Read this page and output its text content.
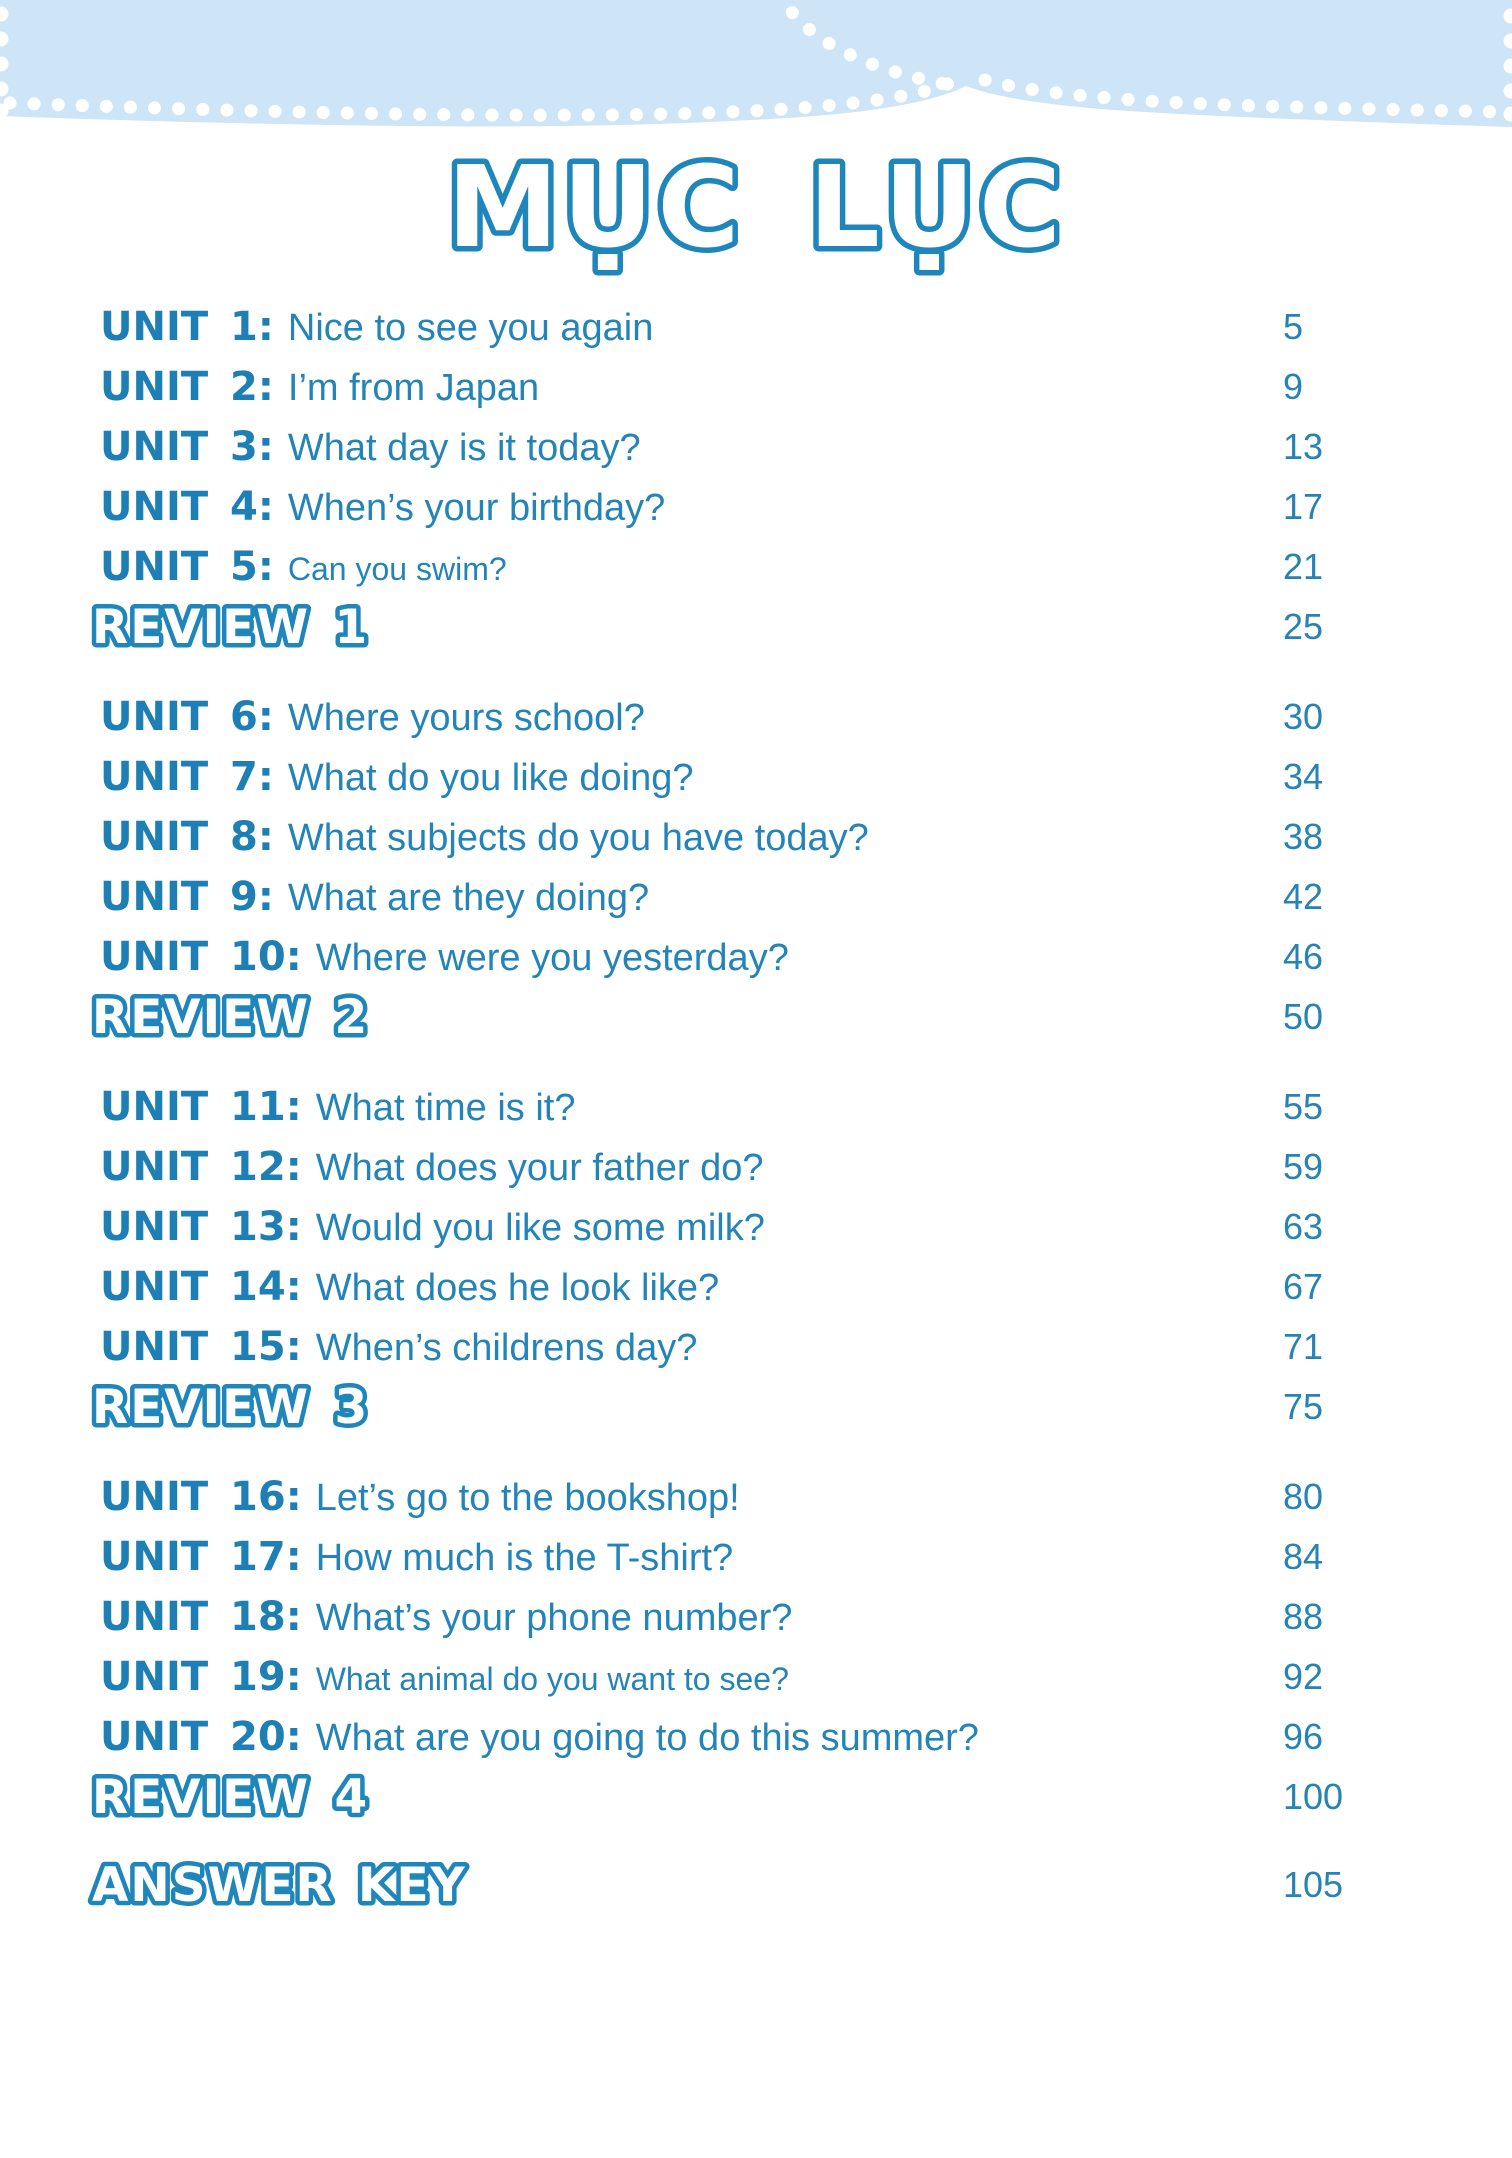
MỤC LỤC
UNIT 1: Nice to see you again	5
UNIT 2: I’m from Japan	9
UNIT 3: What day is it today?	13
UNIT 4: When’s your birthday?	17
UNIT 5: Can you swim?	21
REVIEW 1	25
UNIT 6: Where yours school?	30
UNIT 7: What do you like doing?	34
UNIT 8: What subjects do you have today?	38
UNIT 9: What are they doing?	42
UNIT 10: Where were you yesterday?	46
REVIEW 2	50
UNIT 11: What time is it?	55
UNIT 12: What does your father do?	59
UNIT 13: Would you like some milk?	63
UNIT 14: What does he look like?	67
UNIT 15: When’s childrens day?	71
REVIEW 3	75
UNIT 16: Let’s go to the bookshop!	80
UNIT 17: How much is the T-shirt?	84
UNIT 18: What’s your phone number?	88
UNIT 19: What animal do you want to see?	92
UNIT 20: What are you going to do this summer?	96
REVIEW 4	100
ANSWER KEY	105
